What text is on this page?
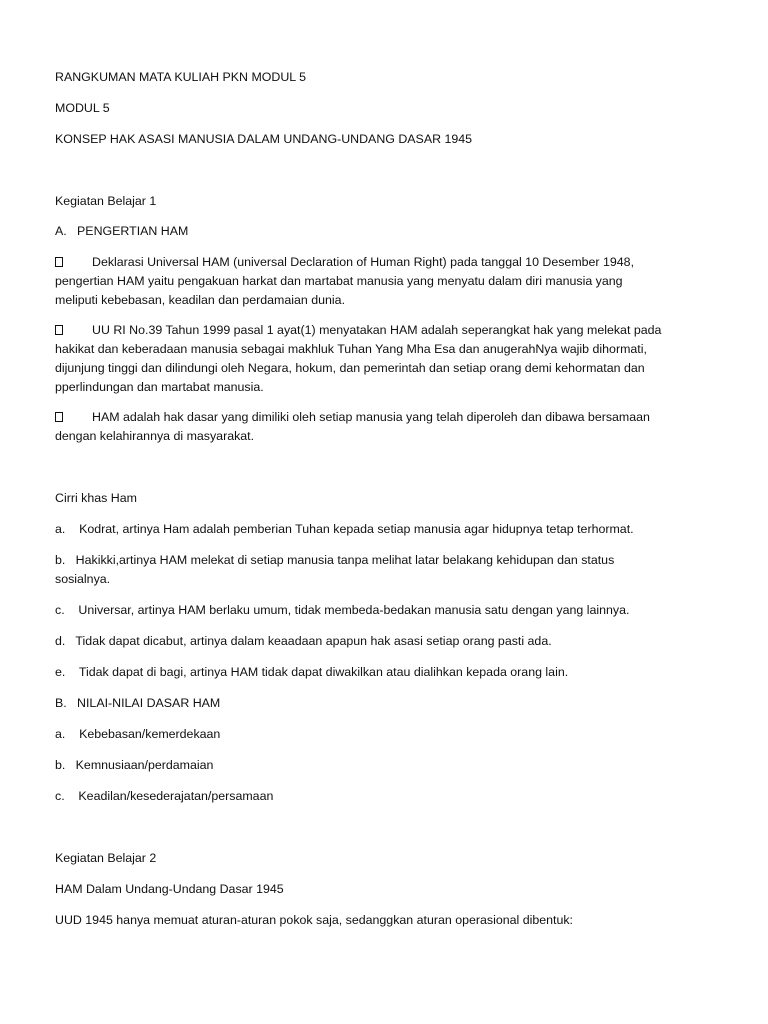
RANGKUMAN MATA KULIAH PKN MODUL 5
MODUL 5
KONSEP HAK ASASI MANUSIA DALAM UNDANG-UNDANG DASAR 1945
Kegiatan Belajar 1
A.   PENGERTIAN HAM
Deklarasi Universal HAM (universal Declaration of Human Right) pada tanggal 10 Desember 1948,
pengertian HAM yaitu pengakuan harkat dan martabat manusia yang menyatu dalam diri manusia yang
meliputi kebebasan, keadilan dan perdamaian dunia.
UU RI No.39 Tahun 1999 pasal 1 ayat(1) menyatakan HAM adalah seperangkat hak yang melekat pada
hakikat dan keberadaan manusia sebagai makhluk Tuhan Yang Mha Esa dan anugerahNya wajib dihormati,
dijunjung tinggi dan dilindungi oleh Negara, hokum, dan pemerintah dan setiap orang demi kehormatan dan
pperlindungan dan martabat manusia.
HAM adalah hak dasar yang dimiliki oleh setiap manusia yang telah diperoleh dan dibawa bersamaan
dengan kelahirannya di masyarakat.
Cirri khas Ham
a.    Kodrat, artinya Ham adalah pemberian Tuhan kepada setiap manusia agar hidupnya tetap terhormat.
b.   Hakikki,artinya HAM melekat di setiap manusia tanpa melihat latar belakang kehidupan dan status
sosialnya.
c.    Universar, artinya HAM berlaku umum, tidak membeda-bedakan manusia satu dengan yang lainnya.
d.   Tidak dapat dicabut, artinya dalam keaadaan apapun hak asasi setiap orang pasti ada.
e.    Tidak dapat di bagi, artinya HAM tidak dapat diwakilkan atau dialihkan kepada orang lain.
B.   NILAI-NILAI DASAR HAM
a.    Kebebasan/kemerdekaan
b.   Kemnusiaan/perdamaian
c.    Keadilan/kesederajatan/persamaan
Kegiatan Belajar 2
HAM Dalam Undang-Undang Dasar 1945
UUD 1945 hanya memuat aturan-aturan pokok saja, sedanggkan aturan operasional dibentuk:
